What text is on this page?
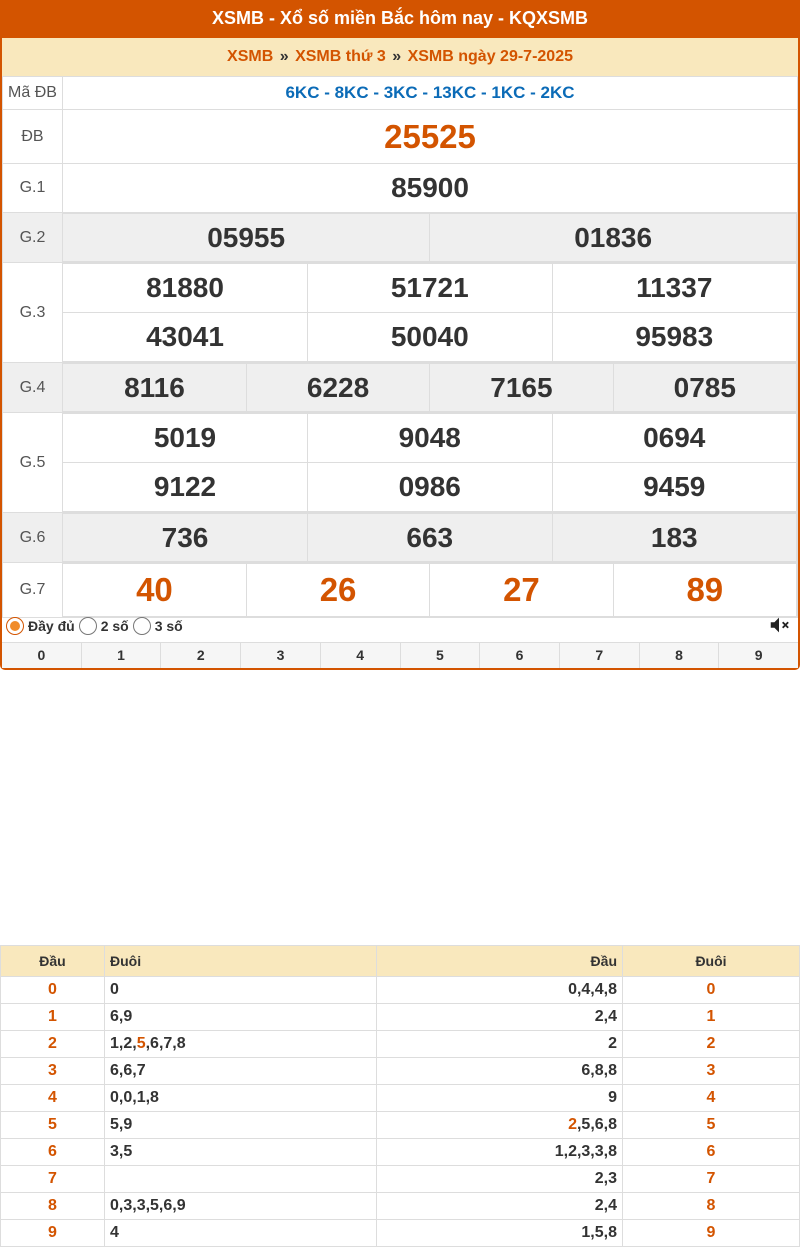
XSMB - Xổ số miền Bắc hôm nay - KQXSMB
XSMB » XSMB thứ 3 » XSMB ngày 29-7-2025
Mã ĐB	6KC - 8KC - 3KC - 13KC - 1KC - 2KC
ĐB	25525
G.1	85900
G.2		05955	01836

G.3	
81880	51721	11337
43041	50040	95983

G.4		8116	6228	7165	0785

G.5	
5019	9048	0694
9122	0986	9459

G.6		736	663	183

G.7		40	26	27	89
Đầy đủ 2 số 3 số
0	1	2	3	4	5	6	7	8	9
Đầu	Đuôi	Đầu	Đuôi
0	0	0,4,4,8	0
1	6,9	2,4	1
2	1,2,5,6,7,8	2	2
3	6,6,7	6,8,8	3
4	0,0,1,8	9	4
5	5,9	2,5,6,8	5
6	3,5	1,2,3,3,8	6
7		2,3	7
8	0,3,3,5,6,9	2,4	8
9	4	1,5,8	9
